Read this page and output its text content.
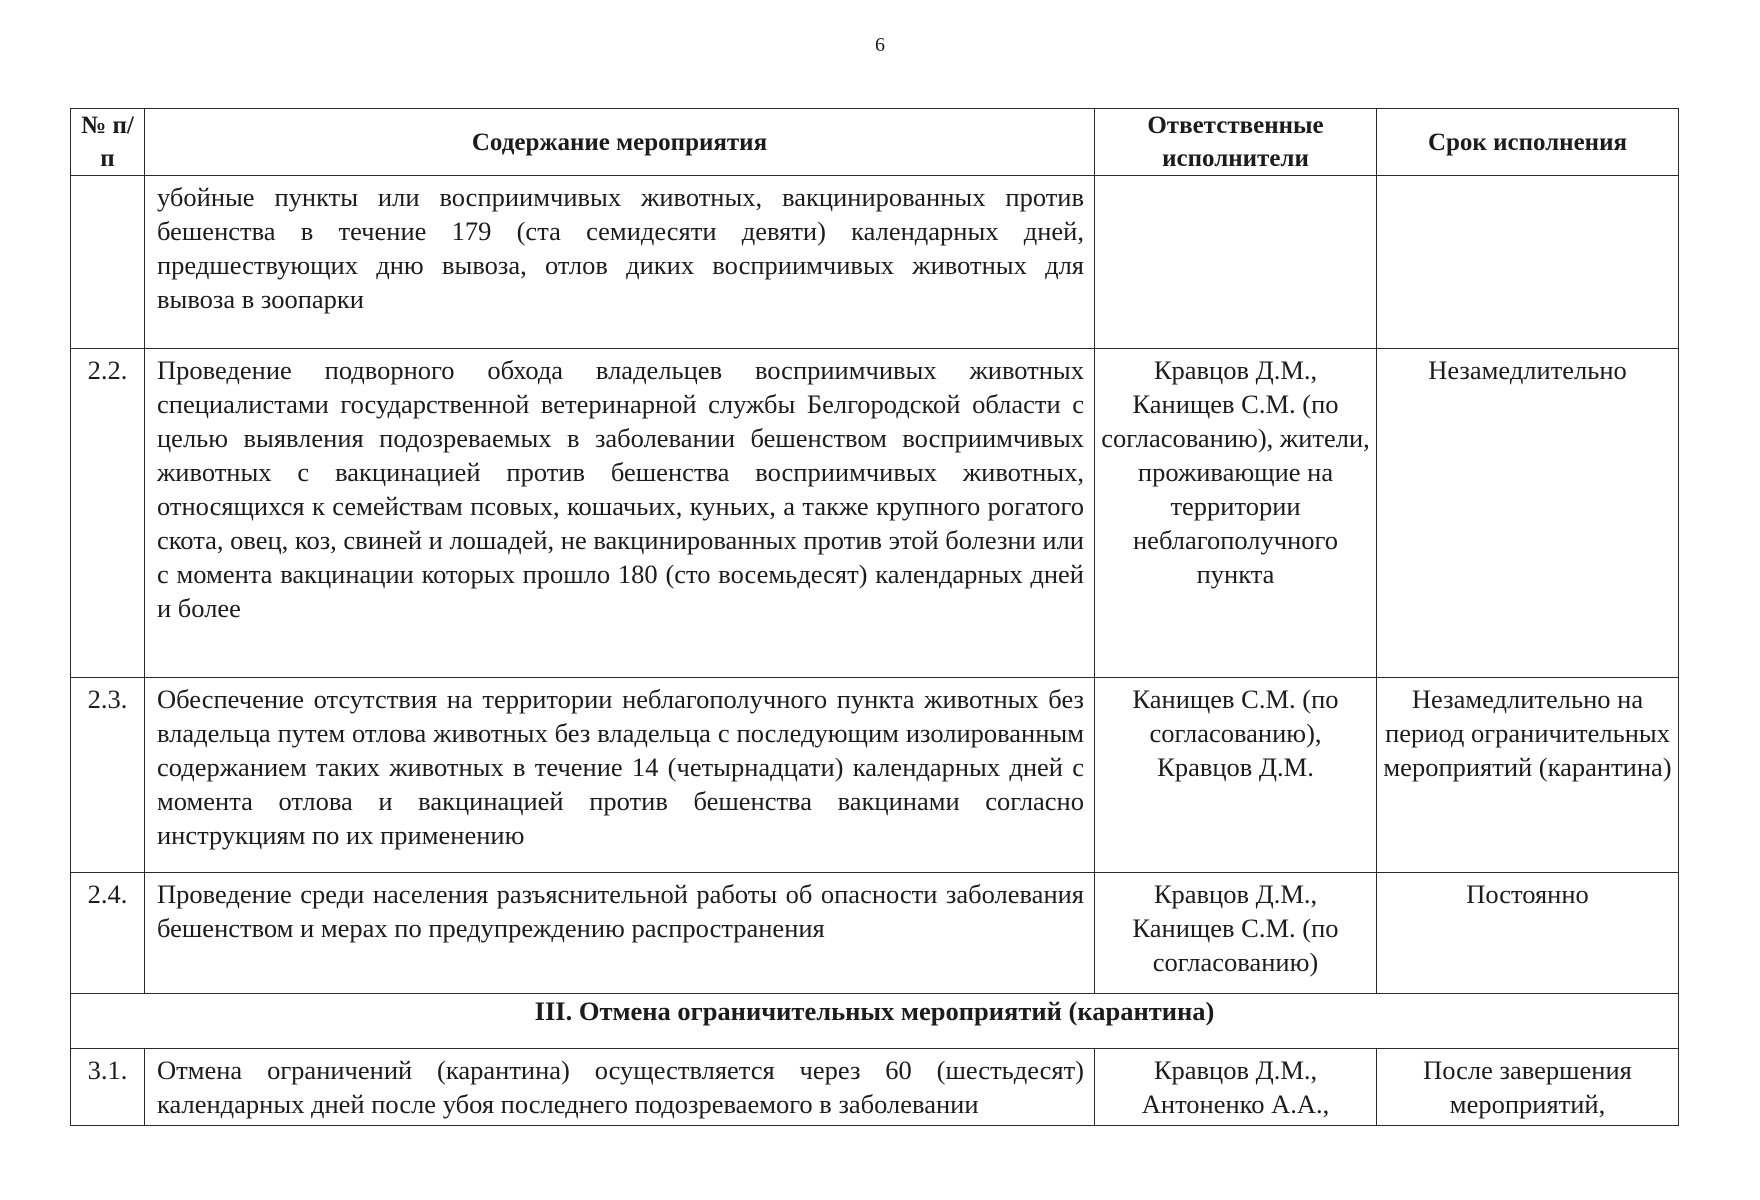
6
№ п/п	Содержание мероприятия	Ответственные исполнители	Срок исполнения
	убойные пункты или восприимчивых животных, вакцинированных против бешенства в течение 179 (ста семидесяти девяти) календарных дней, предшествующих дню вывоза, отлов диких восприимчивых животных для вывоза в зоопарки		
2.2.	Проведение подворного обхода владельцев восприимчивых животных специалистами государственной ветеринарной службы Белгородской области с целью выявления подозреваемых в заболевании бешенством восприимчивых животных с вакцинацией против бешенства восприимчивых животных, относящихся к семействам псовых, кошачьих, куньих, а также крупного рогатого скота, овец, коз, свиней и лошадей, не вакцинированных против этой болезни или с момента вакцинации которых прошло 180 (сто восемьдесят) календарных дней и более	Кравцов Д.М., Канищев С.М. (по согласованию), жители, проживающие на территории неблагополучного пункта	Незамедлительно
2.3.	Обеспечение отсутствия на территории неблагополучного пункта животных без владельца путем отлова животных без владельца с последующим изолированным содержанием таких животных в течение 14 (четырнадцати) календарных дней с момента отлова и вакцинацией против бешенства вакцинами согласно инструкциям по их применению	Канищев С.М. (по согласованию), Кравцов Д.М.	Незамедлительно на период ограничительных мероприятий (карантина)
2.4.	Проведение среди населения разъяснительной работы об опасности заболевания бешенством и мерах по предупреждению распространения	Кравцов Д.М., Канищев С.М. (по согласованию)	Постоянно
III. Отмена ограничительных мероприятий (карантина)			
3.1.	Отмена ограничений (карантина) осуществляется через 60 (шестьдесят) календарных дней после убоя последнего подозреваемого в заболевании	Кравцов Д.М., Антоненко А.А.,	После завершения мероприятий,
